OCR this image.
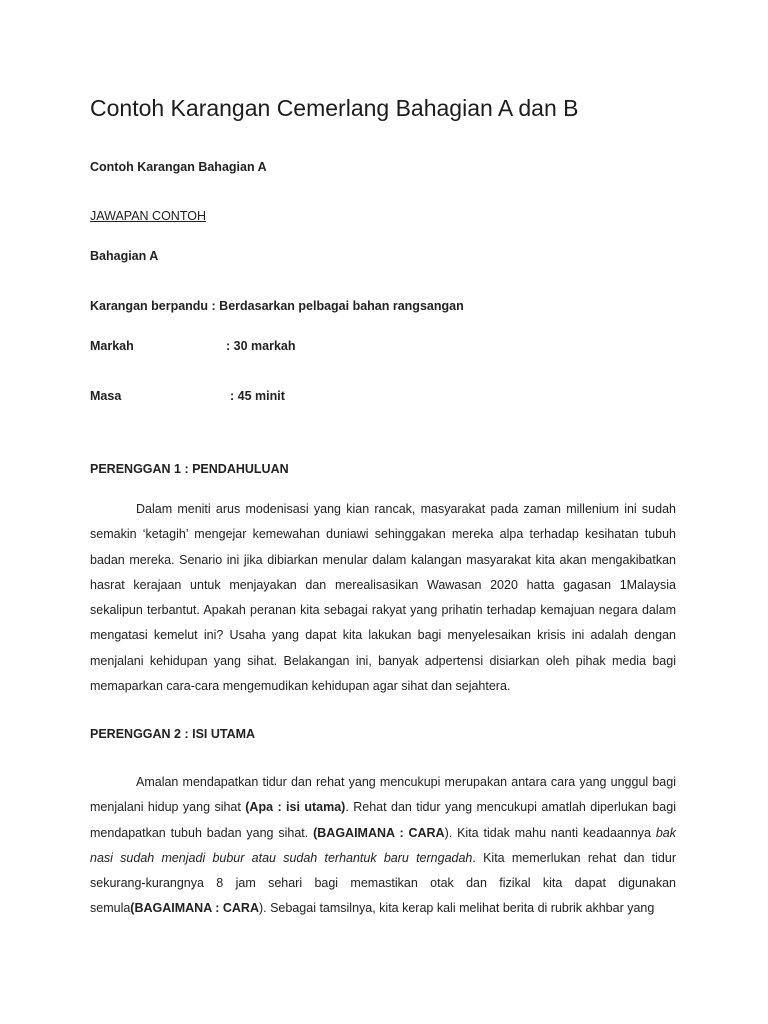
Contoh Karangan Cemerlang Bahagian A dan B
Contoh Karangan Bahagian A
JAWAPAN CONTOH
Bahagian A
Karangan berpandu : Berdasarkan pelbagai bahan rangsangan
Markah	: 30 markah
Masa	: 45 minit
PERENGGAN 1 : PENDAHULUAN

Dalam meniti arus modenisasi yang kian rancak, masyarakat pada zaman millenium ini sudah semakin ‘ketagih’ mengejar kemewahan duniawi sehinggakan mereka alpa terhadap kesihatan tubuh badan mereka. Senario ini jika dibiarkan menular dalam kalangan masyarakat kita akan mengakibatkan hasrat kerajaan untuk menjayakan dan merealisasikan Wawasan 2020 hatta gagasan 1Malaysia sekalipun terbantut. Apakah peranan kita sebagai rakyat yang prihatin terhadap kemajuan negara dalam mengatasi kemelut ini? Usaha yang dapat kita lakukan bagi menyelesaikan krisis ini adalah dengan menjalani kehidupan yang sihat. Belakangan ini, banyak adpertensi disiarkan oleh pihak media bagi memaparkan cara-cara mengemudikan kehidupan agar sihat dan sejahtera.

PERENGGAN 2 : ISI UTAMA

Amalan mendapatkan tidur dan rehat yang mencukupi merupakan antara cara yang unggul bagi menjalani hidup yang sihat (Apa : isi utama). Rehat dan tidur yang mencukupi amatlah diperlukan bagi mendapatkan tubuh badan yang sihat. (BAGAIMANA : CARA). Kita tidak mahu nanti keadaannya bak nasi sudah menjadi bubur atau sudah terhantuk baru terngadah. Kita memerlukan rehat dan tidur sekurang-kurangnya 8 jam sehari bagi memastikan otak dan fizikal kita dapat digunakan semula(BAGAIMANA : CARA). Sebagai tamsilnya, kita kerap kali melihat berita di rubrik akhbar yang
